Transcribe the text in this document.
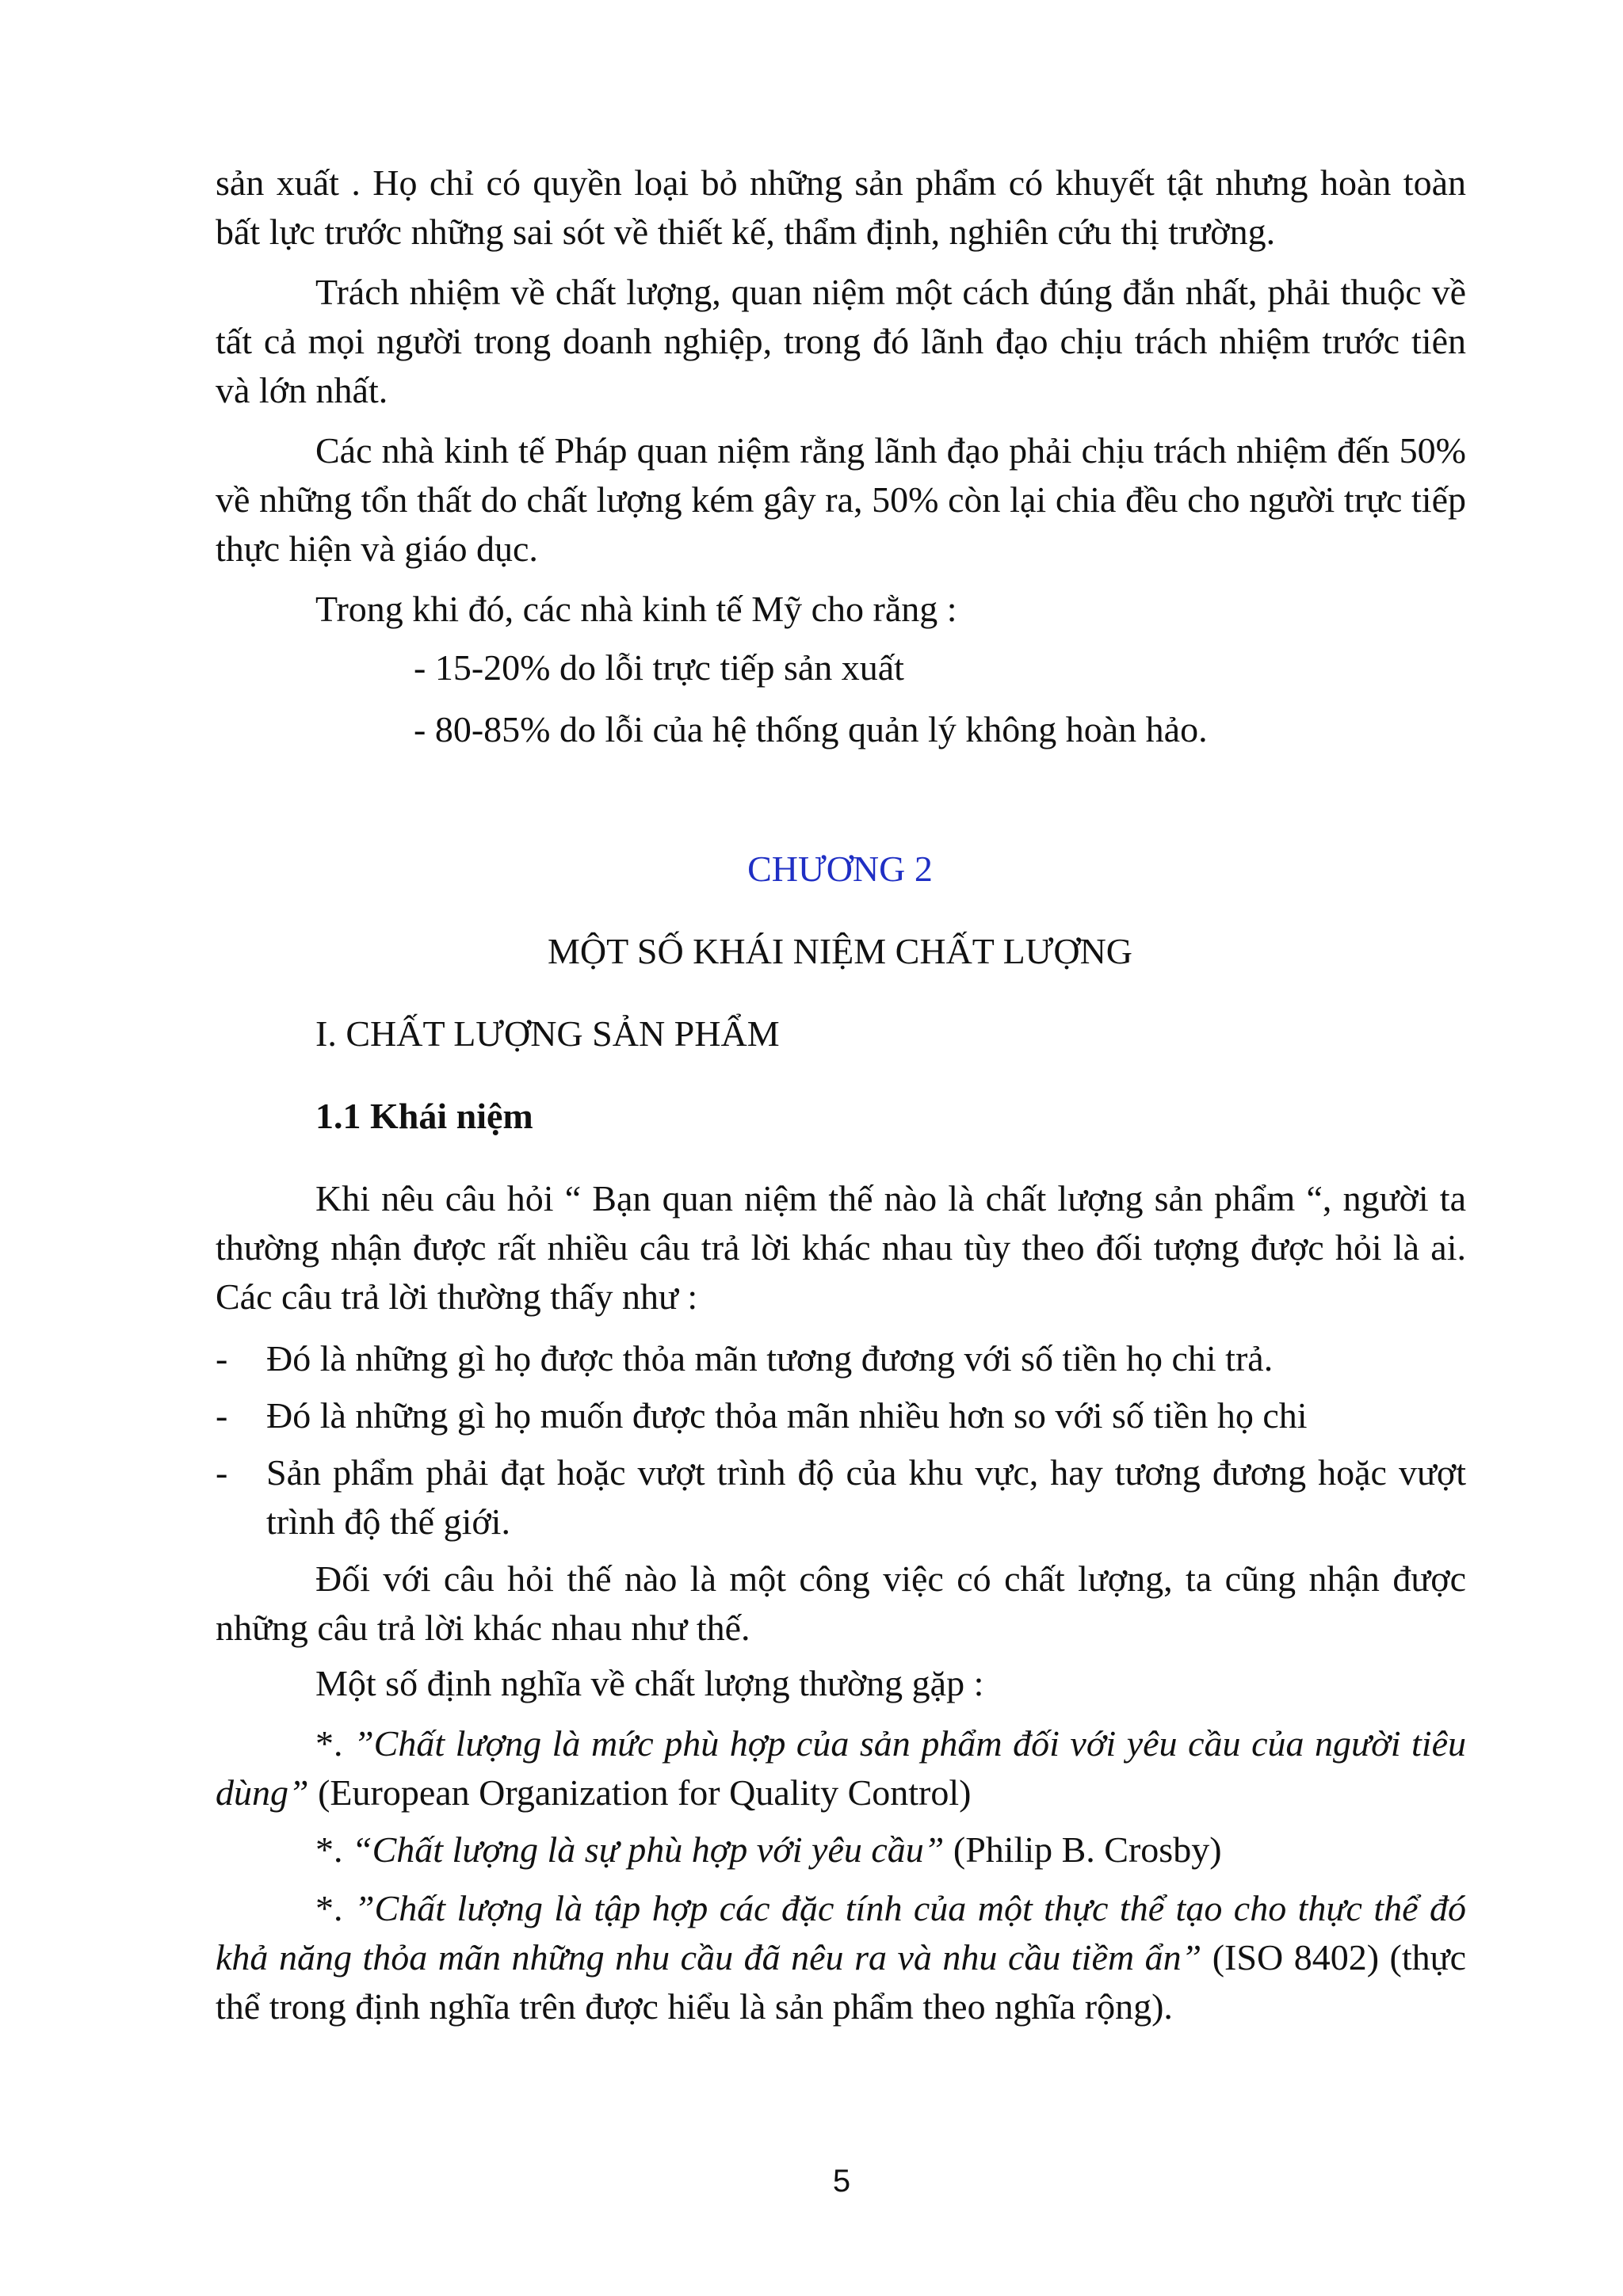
sản xuất . Họ chỉ có quyền loại bỏ những sản phẩm có khuyết tật nhưng hoàn toàn bất lực trước những sai sót về thiết kế, thẩm định, nghiên cứu thị trường.

Trách nhiệm về chất lượng, quan niệm một cách đúng đắn nhất, phải thuộc về tất cả mọi người trong doanh nghiệp, trong đó lãnh đạo chịu trách nhiệm trước tiên và lớn nhất.

Các nhà kinh tế Pháp quan niệm rằng lãnh đạo phải chịu trách nhiệm đến 50% về những tổn thất do chất lượng kém gây ra, 50% còn lại chia đều cho người trực tiếp thực hiện và giáo dục.

Trong khi đó, các nhà kinh tế Mỹ cho rằng :

- 15-20% do lỗi trực tiếp sản xuất

- 80-85% do lỗi của hệ thống quản lý không hoàn hảo.

CHƯƠNG 2

MỘT SỐ KHÁI NIỆM CHẤT LƯỢNG

I. CHẤT LƯỢNG SẢN PHẨM

1.1 Khái niệm

Khi nêu câu hỏi “ Bạn quan niệm thế nào là chất lượng sản phẩm “, người ta thường nhận được rất nhiều câu trả lời khác nhau tùy theo đối tượng được hỏi là ai. Các câu trả lời thường thấy như :

- Đó là những gì họ được thỏa mãn tương đương với số tiền họ chi trả.
- Đó là những gì họ muốn được thỏa mãn nhiều hơn so với số tiền họ chi
- Sản phẩm phải đạt hoặc vượt trình độ của khu vực, hay tương đương hoặc vượt trình độ thế giới.

Đối với câu hỏi thế nào là một công việc có chất lượng, ta cũng nhận được những câu trả lời khác nhau như thế.

Một số định nghĩa về chất lượng thường gặp :

*. ”Chất lượng là mức phù hợp của sản phẩm đối với yêu cầu của người tiêu dùng” (European Organization for Quality Control)

*. “Chất lượng là sự phù hợp với yêu cầu” (Philip B. Crosby)

*. ”Chất lượng là tập hợp các đặc tính của một thực thể tạo cho thực thể đó khả năng thỏa mãn những nhu cầu đã nêu ra và nhu cầu tiềm ẩn” (ISO 8402) (thực thể trong định nghĩa trên được hiểu là sản phẩm theo nghĩa rộng).

5
